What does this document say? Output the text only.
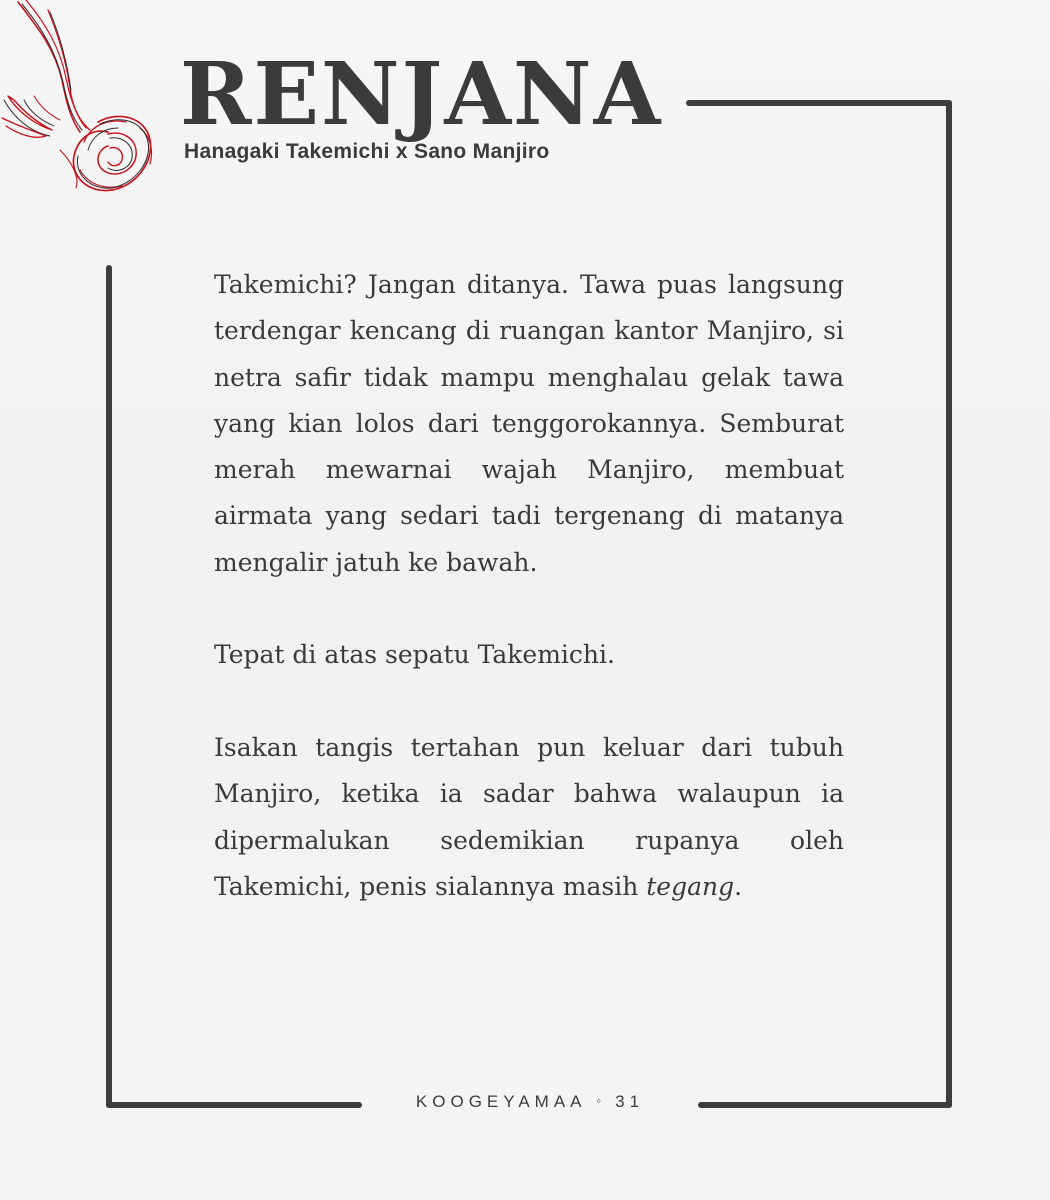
RENJANA
Hanagaki Takemichi x Sano Manjiro

Takemichi? Jangan ditanya. Tawa puas langsung terdengar kencang di ruangan kantor Manjiro, si netra safir tidak mampu menghalau gelak tawa yang kian lolos dari tenggorokannya. Semburat merah mewarnai wajah Manjiro, membuat airmata yang sedari tadi tergenang di matanya mengalir jatuh ke bawah.

Tepat di atas sepatu Takemichi.

Isakan tangis tertahan pun keluar dari tubuh Manjiro, ketika ia sadar bahwa walaupun ia dipermalukan sedemikian rupanya oleh Takemichi, penis sialannya masih tegang.

KOOGEYAMAA ◦ 31
